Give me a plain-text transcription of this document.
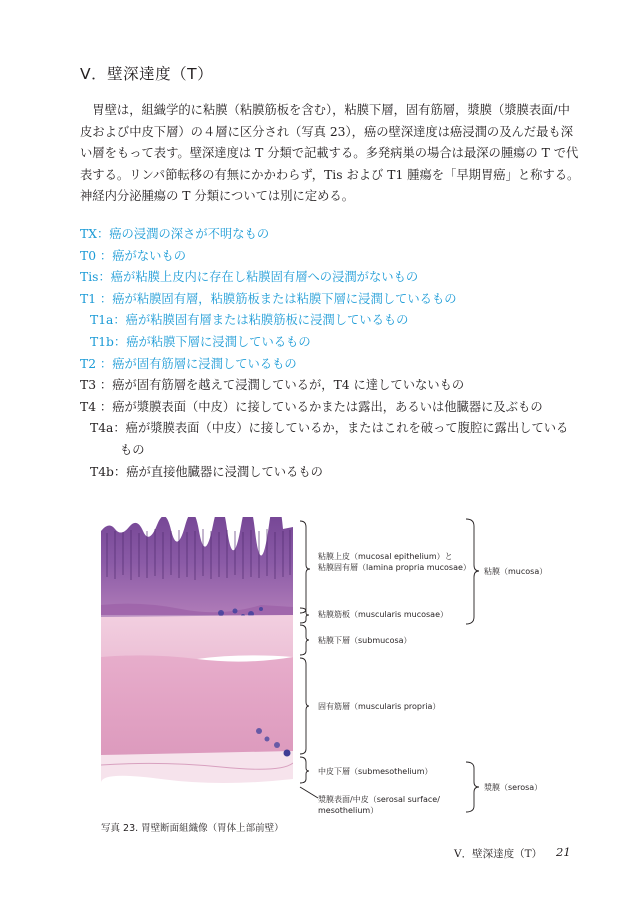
V．壁深達度（T）

　胃壁は，組織学的に粘膜（粘膜筋板を含む），粘膜下層，固有筋層，漿膜（漿膜表面/中
皮および中皮下層）の４層に区分され（写真 23），癌の壁深達度は癌浸潤の及んだ最も深
い層をもって表す。壁深達度は T 分類で記載する。多発病巣の場合は最深の腫瘍の T で代
表する。リンパ節転移の有無にかかわらず，Tis および T1 腫瘍を「早期胃癌」と称する。
神経内分泌腫瘍の T 分類については別に定める。

TX：癌の浸潤の深さが不明なもの
T0 ：癌がないもの
Tis：癌が粘膜上皮内に存在し粘膜固有層への浸潤がないもの
T1 ：癌が粘膜固有層，粘膜筋板または粘膜下層に浸潤しているもの
T1a：癌が粘膜固有層または粘膜筋板に浸潤しているもの
T1b：癌が粘膜下層に浸潤しているもの
T2 ：癌が固有筋層に浸潤しているもの
T3 ：癌が固有筋層を越えて浸潤しているが，T4 に達していないもの
T4 ：癌が漿膜表面（中皮）に接しているかまたは露出，あるいは他臓器に及ぶもの
T4a：癌が漿膜表面（中皮）に接しているか，またはこれを破って腹腔に露出している
もの
T4b：癌が直接他臓器に浸潤しているもの
粘膜上皮（mucosal epithelium）と
粘膜固有層（lamina propria mucosae）
粘膜筋板（muscularis mucosae）
粘膜下層（submucosa）
固有筋層（muscularis propria）
中皮下層（submesothelium）
漿膜表面/中皮（serosal surface/
mesothelium）
粘膜（mucosa）
漿膜（serosa）
写真 23. 胃壁断面組織像（胃体上部前壁）
V．壁深達度（T） 21
